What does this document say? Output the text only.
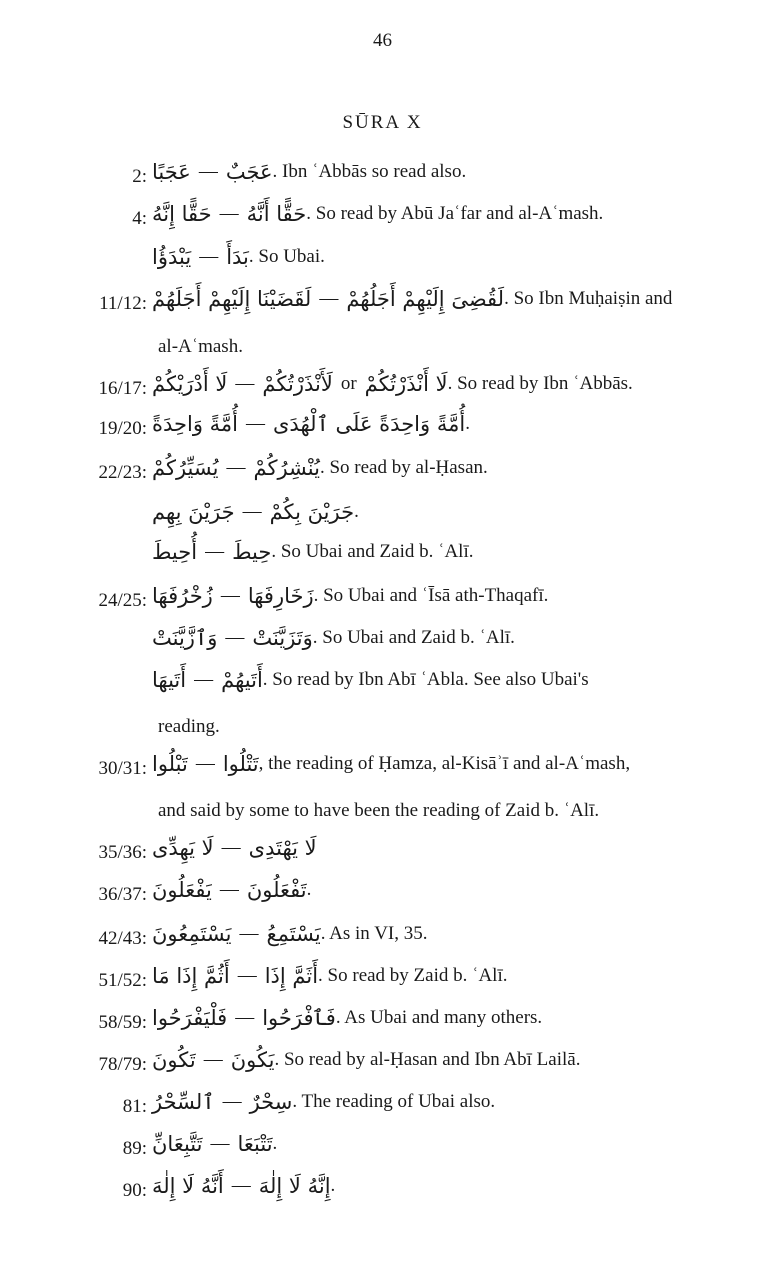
46
SŪRA X
2: عَجَبًا — عَجَبٌ. Ibn ʿAbbās so read also.
4: حَقًّا إِنَّهُ — حَقًّا أَنَّهُ. So read by Abū Jaʿfar and al-Aʿmash.
يَبْدَؤُا — بَدَأَ. So Ubai.
11/12: لَقَضَيْنَا إِلَيْهِمْ أَجَلَهُمْ — لَقُضِىَ إِلَيْهِمْ أَجَلُهُمْ. So Ibn Muḥaiṣin and
al-Aʿmash.
16/17: لَا أَدْرَيْكُمْ — لَأَنْذَرْتُكُمْ or لَا أَنْذَرْتُكُمْ. So read by Ibn ʿAbbās.
19/20: أُمَّةً وَاحِدَةً — أُمَّةً وَاحِدَةً عَلَى ٱلْهُدَى.
22/23: يُسَيِّرُكُمْ — يُنْشِرُكُمْ. So read by al-Ḥasan.
جَرَيْنَ بِهِم — جَرَيْنَ بِكُمْ.
أُحِيطَ — حِيطَ. So Ubai and Zaid b. ʿAlī.
24/25: زُخْرُفَهَا — زَخَارِفَهَا. So Ubai and ʿĪsā ath-Thaqafī.
وَٱزَّيَّنَتْ — وَتَزَيَّنَتْ. So Ubai and Zaid b. ʿAlī.
أَتَيهَا — أَتَيهُمْ. So read by Ibn Abī ʿAbla. See also Ubai's
reading.
30/31: تَبْلُوا — تَتْلُوا, the reading of Ḥamza, al-Kisāʾī and al-Aʿmash,
and said by some to have been the reading of Zaid b. ʿAlī.
35/36: لَا يَهِدِّى — لَا يَهْتَدِى
36/37: يَفْعَلُونَ — تَفْعَلُونَ.
42/43: يَسْتَمِعُونَ — يَسْتَمِعُ. As in VI, 35.
51/52: أَثُمَّ إِذَا مَا — أَثَمَّ إِذَا. So read by Zaid b. ʿAlī.
58/59: فَلْيَفْرَحُوا — فَٱفْرَحُوا. As Ubai and many others.
78/79: تَكُونَ — يَكُونَ. So read by al-Ḥasan and Ibn Abī Lailā.
81: ٱلسِّحْرُ — سِحْرٌ. The reading of Ubai also.
89: تَتَّبِعَانِّ — تَتْبَعَا.
90: أَنَّهُ لَا إِلٰهَ — إِنَّهُ لَا إِلٰهَ.
